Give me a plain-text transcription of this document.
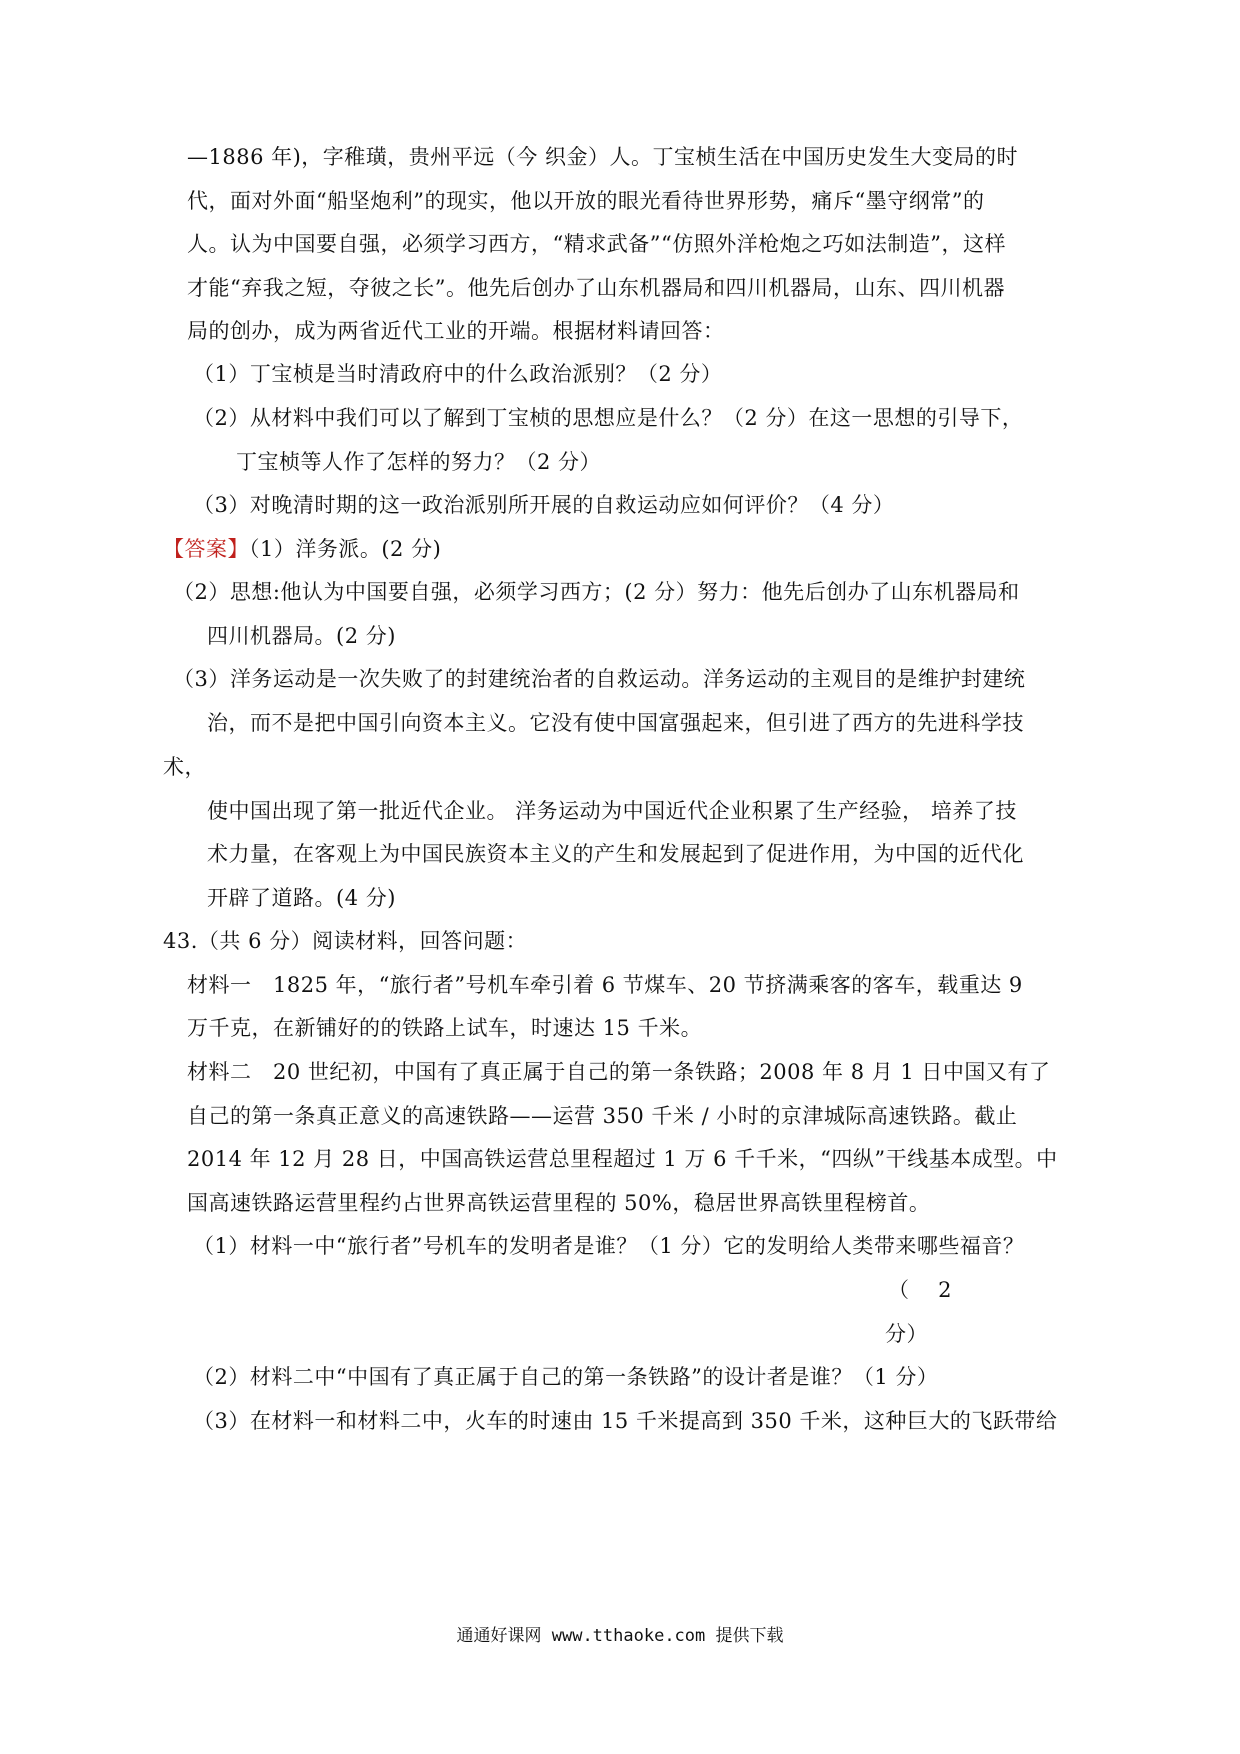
—1886 年)，字稚璜，贵州平远（今 织金）人。丁宝桢生活在中国历史发生大变局的时
代，面对外面“船坚炮利”的现实，他以开放的眼光看待世界形势，痛斥“墨守纲常”的
人。认为中国要自强，必须学习西方，“精求武备”“仿照外洋枪炮之巧如法制造”，这样
才能“弃我之短，夺彼之长”。他先后创办了山东机器局和四川机器局，山东、四川机器
局的创办，成为两省近代工业的开端。根据材料请回答：
（1）丁宝桢是当时清政府中的什么政治派别？（2 分）
（2）从材料中我们可以了解到丁宝桢的思想应是什么？（2 分）在这一思想的引导下，
丁宝桢等人作了怎样的努力？（2 分）
（3）对晚清时期的这一政治派别所开展的自救运动应如何评价？（4 分）
【答案】（1）洋务派。(2 分)
（2）思想:他认为中国要自强，必须学习西方；(2 分）努力：他先后创办了山东机器局和
四川机器局。(2 分)
（3）洋务运动是一次失败了的封建统治者的自救运动。洋务运动的主观目的是维护封建统
治，而不是把中国引向资本主义。它没有使中国富强起来，但引进了西方的先进科学技
术，
使中国出现了第一批近代企业。 洋务运动为中国近代企业积累了生产经验， 培养了技
术力量，在客观上为中国民族资本主义的产生和发展起到了促进作用，为中国的近代化
开辟了道路。(4 分)
43.（共 6 分）阅读材料，回答问题：
材料一　1825 年，“旅行者”号机车牵引着 6 节煤车、20 节挤满乘客的客车，载重达 9
万千克，在新铺好的的铁路上试车，时速达 15 千米。
材料二　20 世纪初，中国有了真正属于自己的第一条铁路；2008 年 8 月 1 日中国又有了
自己的第一条真正意义的高速铁路——运营 350 千米 / 小时的京津城际高速铁路。截止
2014 年 12 月 28 日，中国高铁运营总里程超过 1 万 6 千千米，“四纵”干线基本成型。中
国高速铁路运营里程约占世界高铁运营里程的 50%，稳居世界高铁里程榜首。
（1）材料一中“旅行者”号机车的发明者是谁？（1 分）它的发明给人类带来哪些福音？
（　 2
分）
（2）材料二中“中国有了真正属于自己的第一条铁路”的设计者是谁？（1 分）
（3）在材料一和材料二中，火车的时速由 15 千米提高到 350 千米，这种巨大的飞跃带给
通通好课网 www.tthaoke.com 提供下载
